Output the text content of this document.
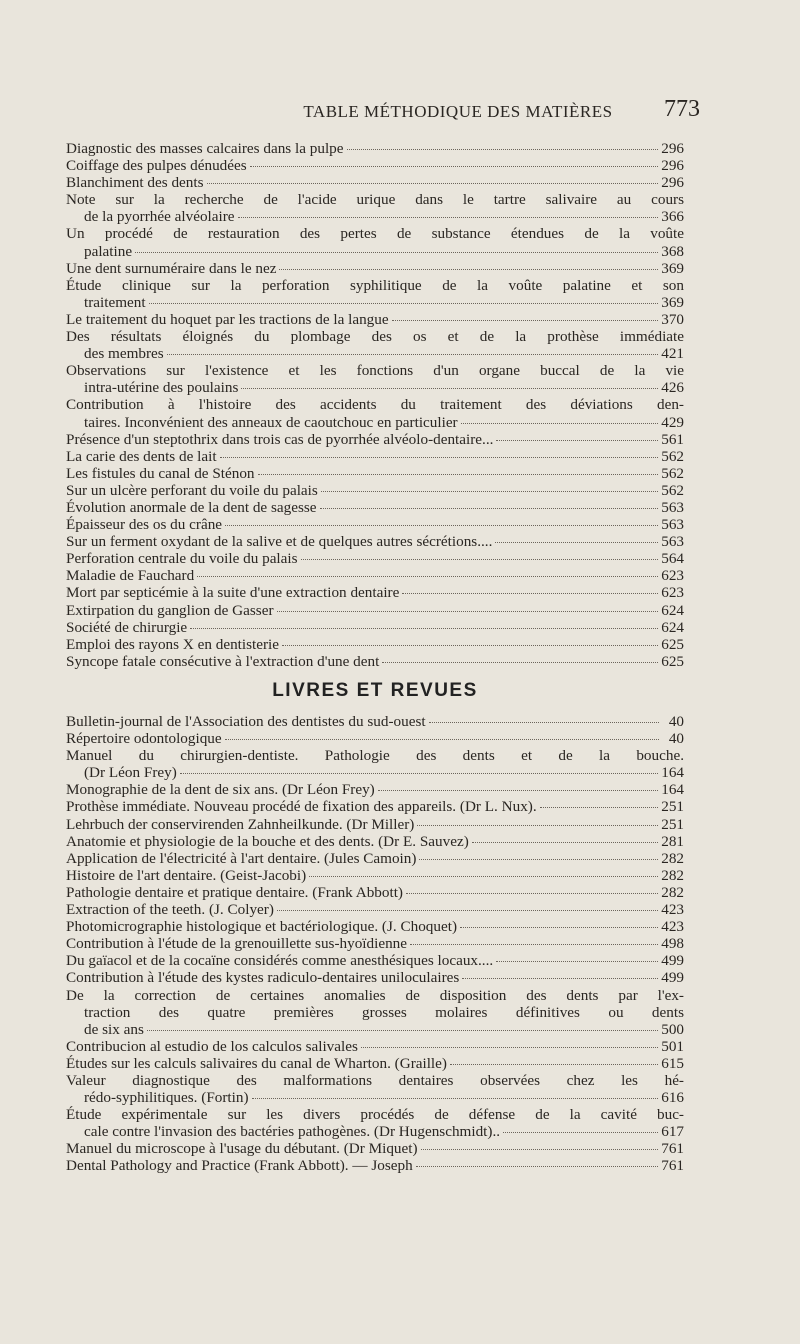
TABLE MÉTHODIQUE DES MATIÈRES	773
Diagnostic des masses calcaires dans la pulpe	296
Coiffage des pulpes dénudées	296
Blanchiment des dents	296
Note sur la recherche de l'acide urique dans le tartre salivaire au cours
de la pyorrhée alvéolaire	366
Un procédé de restauration des pertes de substance étendues de la voûte
palatine	368
Une dent surnuméraire dans le nez	369
Étude clinique sur la perforation syphilitique de la voûte palatine et son
traitement	369
Le traitement du hoquet par les tractions de la langue	370
Des résultats éloignés du plombage des os et de la prothèse immédiate
des membres	421
Observations sur l'existence et les fonctions d'un organe buccal de la vie
intra-utérine des poulains	426
Contribution à l'histoire des accidents du traitement des déviations den-
taires. Inconvénient des anneaux de caoutchouc en particulier	429
Présence d'un steptothrix dans trois cas de pyorrhée alvéolo-dentaire...	561
La carie des dents de lait	562
Les fistules du canal de Sténon	562
Sur un ulcère perforant du voile du palais	562
Évolution anormale de la dent de sagesse	563
Épaisseur des os du crâne	563
Sur un ferment oxydant de la salive et de quelques autres sécrétions....	563
Perforation centrale du voile du palais	564
Maladie de Fauchard	623
Mort par septicémie à la suite d'une extraction dentaire	623
Extirpation du ganglion de Gasser	624
Société de chirurgie	624
Emploi des rayons X en dentisterie	625
Syncope fatale consécutive à l'extraction d'une dent	625
LIVRES ET REVUES
Bulletin-journal de l'Association des dentistes du sud-ouest	40
Répertoire odontologique	40
Manuel du chirurgien-dentiste. Pathologie des dents et de la bouche.
(Dr Léon Frey)	164
Monographie de la dent de six ans. (Dr Léon Frey)	164
Prothèse immédiate. Nouveau procédé de fixation des appareils. (Dr L. Nux).	251
Lehrbuch der conservirenden Zahnheilkunde. (Dr Miller)	251
Anatomie et physiologie de la bouche et des dents. (Dr E. Sauvez)	281
Application de l'électricité à l'art dentaire. (Jules Camoin)	282
Histoire de l'art dentaire. (Geist-Jacobi)	282
Pathologie dentaire et pratique dentaire. (Frank Abbott)	282
Extraction of the teeth. (J. Colyer)	423
Photomicrographie histologique et bactériologique. (J. Choquet)	423
Contribution à l'étude de la grenouillette sus-hyoïdienne	498
Du gaïacol et de la cocaïne considérés comme anesthésiques locaux....	499
Contribution à l'étude des kystes radiculo-dentaires uniloculaires	499
De la correction de certaines anomalies de disposition des dents par l'ex-
traction des quatre premières grosses molaires définitives ou dents
de six ans	500
Contribucion al estudio de los calculos salivales	501
Études sur les calculs salivaires du canal de Wharton. (Graille)	615
Valeur diagnostique des malformations dentaires observées chez les hé-
rédo-syphilitiques. (Fortin)	616
Étude expérimentale sur les divers procédés de défense de la cavité buc-
cale contre l'invasion des bactéries pathogènes. (Dr Hugenschmidt)..	617
Manuel du microscope à l'usage du débutant. (Dr Miquet)	761
Dental Pathology and Practice (Frank Abbott). — Joseph	761
